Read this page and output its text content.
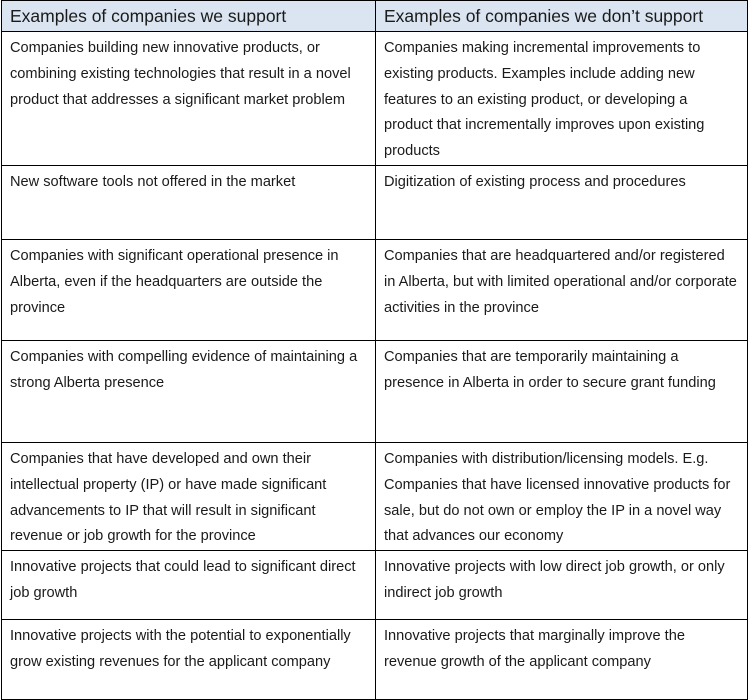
Examples of companies we support	Examples of companies we don’t support
Companies building new innovative products, or combining existing technologies that result in a novel product that addresses a significant market problem	Companies making incremental improvements to existing products. Examples include adding new features to an existing product, or developing a product that incrementally improves upon existing products
New software tools not offered in the market	Digitization of existing process and procedures
Companies with significant operational presence in Alberta, even if the headquarters are outside the province	Companies that are headquartered and/or registered in Alberta, but with limited operational and/or corporate activities in the province
Companies with compelling evidence of maintaining a strong Alberta presence	Companies that are temporarily maintaining a presence in Alberta in order to secure grant funding
Companies that have developed and own their intellectual property (IP) or have made significant advancements to IP that will result in significant revenue or job growth for the province	Companies with distribution/licensing models. E.g. Companies that have licensed innovative products for sale, but do not own or employ the IP in a novel way that advances our economy
Innovative projects that could lead to significant direct job growth	Innovative projects with low direct job growth, or only indirect job growth
Innovative projects with the potential to exponentially grow existing revenues for the applicant company	Innovative projects that marginally improve the revenue growth of the applicant company
